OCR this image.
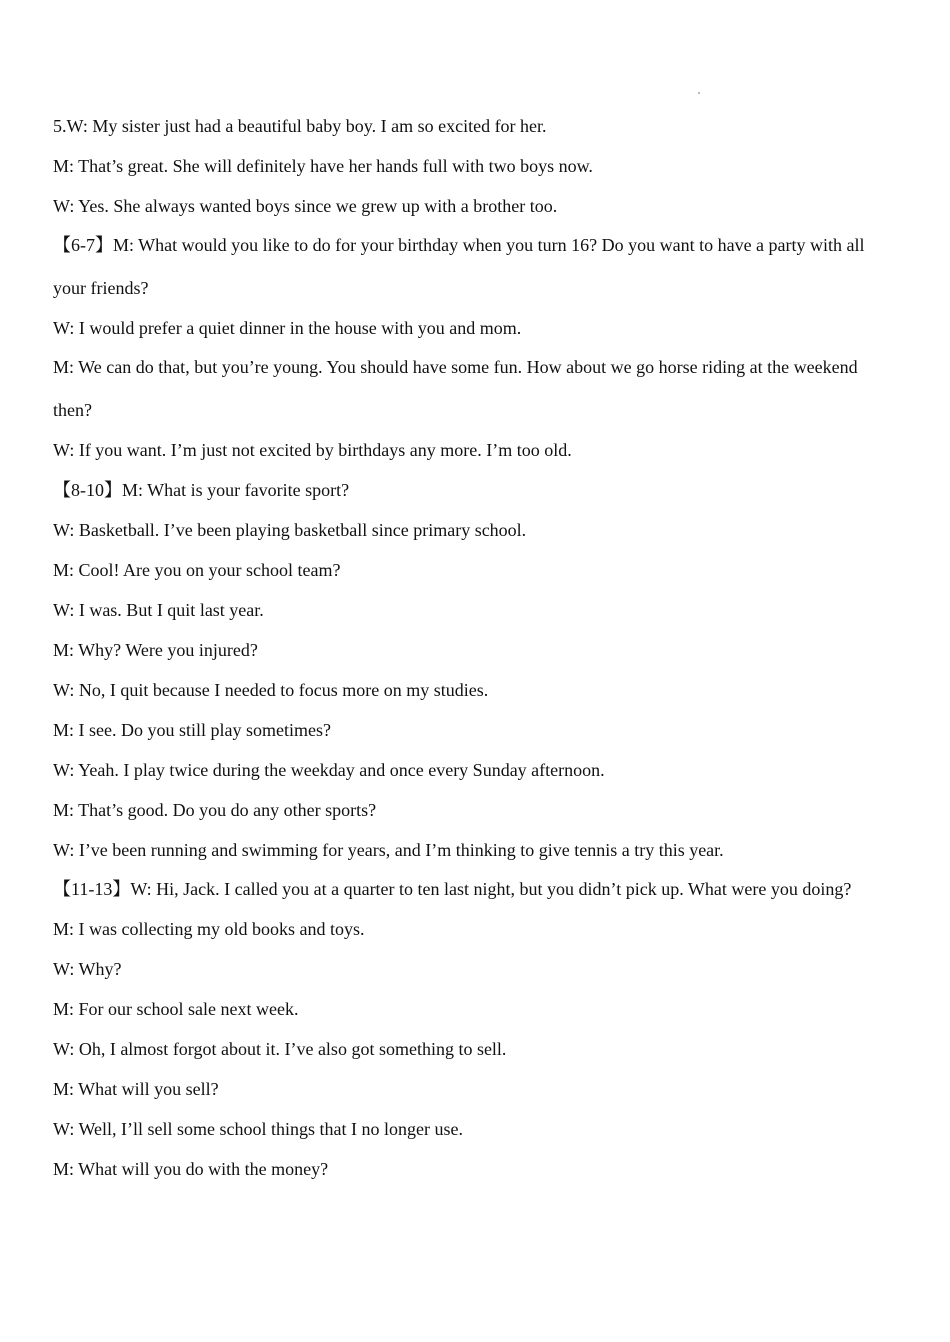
5.W: My sister just had a beautiful baby boy. I am so excited for her.

M: That’s great. She will definitely have her hands full with two boys now.

W: Yes. She always wanted boys since we grew up with a brother too.

【6-7】M: What would you like to do for your birthday when you turn 16? Do you want to have a party with all your friends?

W: I would prefer a quiet dinner in the house with you and mom.

M: We can do that, but you’re young. You should have some fun. How about we go horse riding at the weekend then?

W: If you want. I’m just not excited by birthdays any more. I’m too old.

【8-10】M: What is your favorite sport?

W: Basketball. I’ve been playing basketball since primary school.

M: Cool! Are you on your school team?

W: I was. But I quit last year.

M: Why? Were you injured?

W: No, I quit because I needed to focus more on my studies.

M: I see. Do you still play sometimes?

W: Yeah. I play twice during the weekday and once every Sunday afternoon.

M: That’s good. Do you do any other sports?

W: I’ve been running and swimming for years, and I’m thinking to give tennis a try this year.

【11-13】W: Hi, Jack. I called you at a quarter to ten last night, but you didn’t pick up. What were you doing?

M: I was collecting my old books and toys.

W: Why?

M: For our school sale next week.

W: Oh, I almost forgot about it. I’ve also got something to sell.

M: What will you sell?

W: Well, I’ll sell some school things that I no longer use.

M: What will you do with the money?
